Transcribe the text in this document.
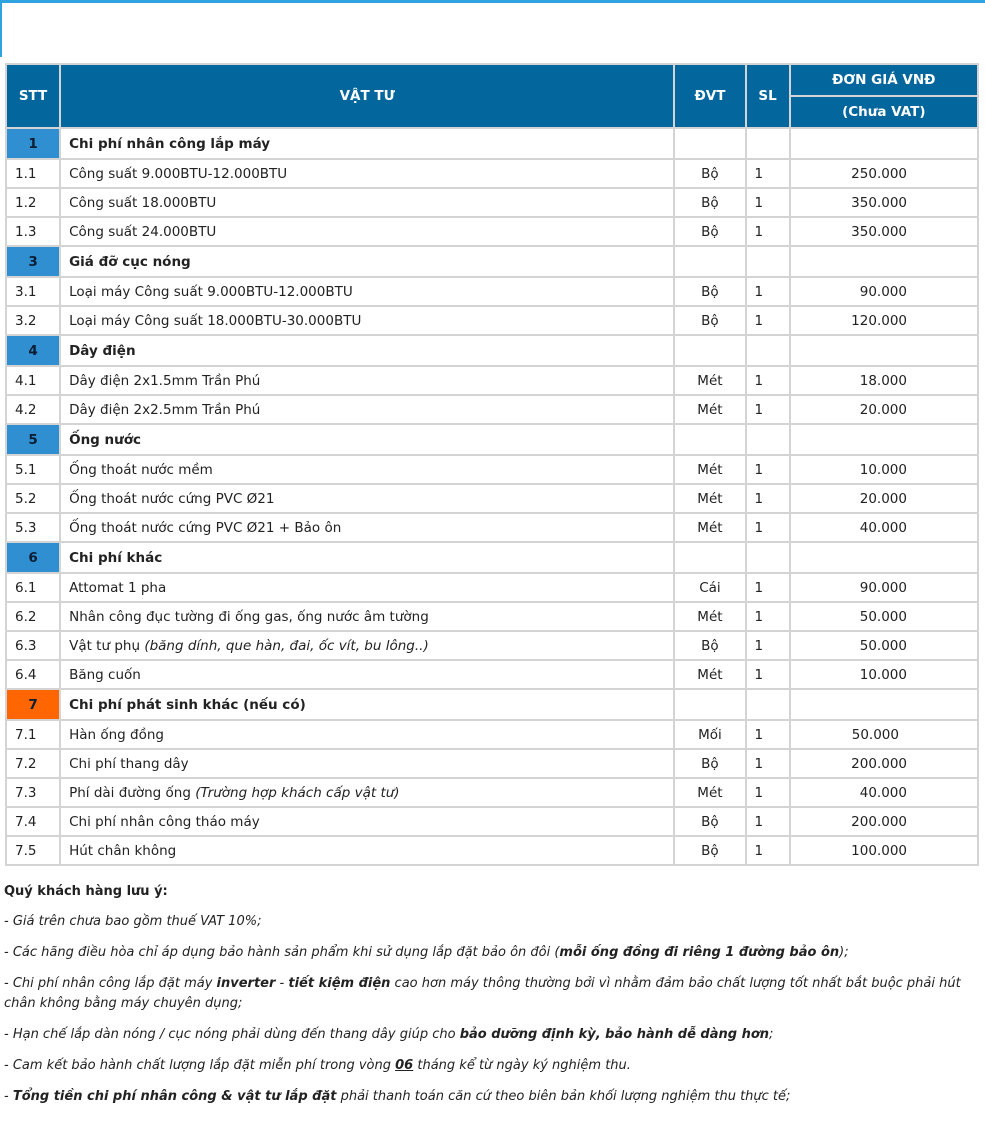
STT	VẬT TƯ	ĐVT	SL	ĐƠN GIÁ VNĐ
				(Chưa VAT)

1	Chi phí nhân công lắp máy			
1.1	Công suất 9.000BTU-12.000BTU	Bộ	1	250.000
1.2	Công suất 18.000BTU	Bộ	1	350.000
1.3	Công suất 24.000BTU	Bộ	1	350.000

3	Giá đỡ cục nóng			
3.1	Loại máy Công suất 9.000BTU-12.000BTU	Bộ	1	90.000
3.2	Loại máy Công suất 18.000BTU-30.000BTU	Bộ	1	120.000

4	Dây điện			
4.1	Dây điện 2x1.5mm Trần Phú	Mét	1	18.000
4.2	Dây điện 2x2.5mm Trần Phú	Mét	1	20.000

5	Ống nước			
5.1	Ống thoát nước mềm	Mét	1	10.000
5.2	Ống thoát nước cứng PVC Ø21	Mét	1	20.000
5.3	Ống thoát nước cứng PVC Ø21 + Bảo ôn	Mét	1	40.000

6	Chi phí khác			
6.1	Attomat 1 pha	Cái	1	90.000
6.2	Nhân công đục tường đi ống gas, ống nước âm tường	Mét	1	50.000
6.3	Vật tư phụ (băng dính, que hàn, đai, ốc vít, bu lông..)	Bộ	1	50.000
6.4	Băng cuốn	Mét	1	10.000

7	Chi phí phát sinh khác (nếu có)			
7.1	Hàn ống đồng	Mối	1	50.000
7.2	Chi phí thang dây	Bộ	1	200.000
7.3	Phí dài đường ống (Trường hợp khách cấp vật tư)	Mét	1	40.000
7.4	Chi phí nhân công tháo máy	Bộ	1	200.000
7.5	Hút chân không	Bộ	1	100.000

Quý khách hàng lưu ý:

- Giá trên chưa bao gồm thuế VAT 10%;

- Các hãng điều hòa chỉ áp dụng bảo hành sản phẩm khi sử dụng lắp đặt bảo ôn đôi (mỗi ống đồng đi riêng 1 đường bảo ôn);

- Chi phí nhân công lắp đặt máy inverter - tiết kiệm điện cao hơn máy thông thường bởi vì nhằm đảm bảo chất lượng tốt nhất bắt buộc phải hút chân không bằng máy chuyên dụng;

- Hạn chế lắp dàn nóng / cục nóng phải dùng đến thang dây giúp cho bảo dưỡng định kỳ, bảo hành dễ dàng hơn;

- Cam kết bảo hành chất lượng lắp đặt miễn phí trong vòng 06 tháng kể từ ngày ký nghiệm thu.

- Tổng tiền chi phí nhân công & vật tư lắp đặt phải thanh toán căn cứ theo biên bản khối lượng nghiệm thu thực tế;
